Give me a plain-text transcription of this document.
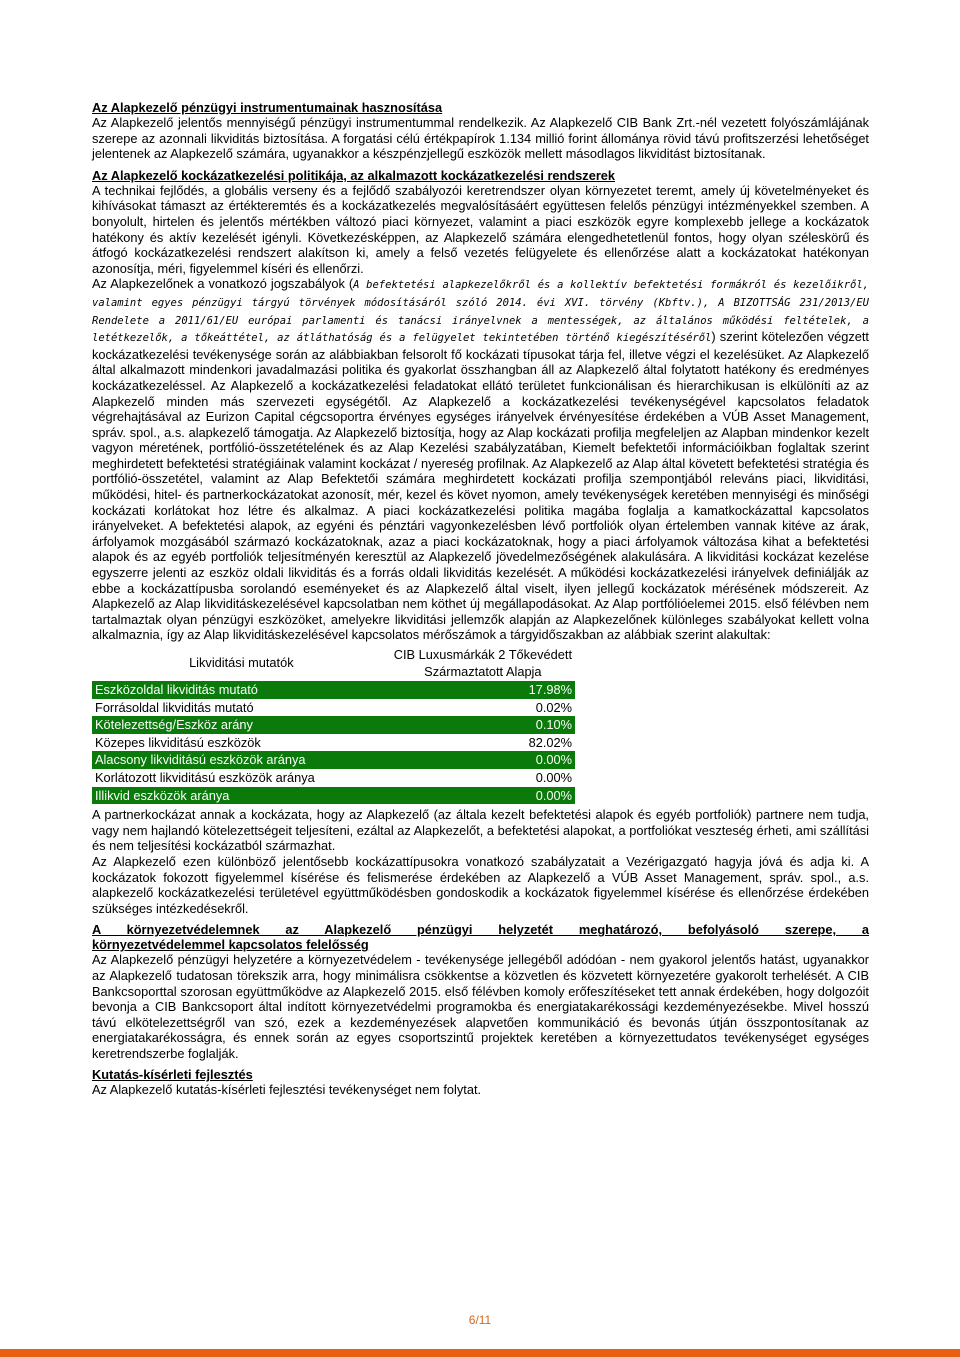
Az Alapkezelő pénzügyi instrumentumainak hasznosítása

Az Alapkezelő jelentős mennyiségű pénzügyi instrumentummal rendelkezik. Az Alapkezelő CIB Bank Zrt.-nél vezetett folyószámlájának szerepe az azonnali likviditás biztosítása. A forgatási célú értékpapírok 1.134 millió forint állománya rövid távú profitszerzési lehetőséget jelentenek az Alapkezelő számára, ugyanakkor a készpénzjellegű eszközök mellett másodlagos likviditást biztosítanak.

Az Alapkezelő kockázatkezelési politikája, az alkalmazott kockázatkezelési rendszerek

A technikai fejlődés, a globális verseny és a fejlődő szabályozói keretrendszer olyan környezetet teremt, amely új követelményeket és kihívásokat támaszt az értékteremtés és a kockázatkezelés megvalósításáért együttesen felelős pénzügyi intézményekkel szemben. A bonyolult, hirtelen és jelentős mértékben változó piaci környezet, valamint a piaci eszközök egyre komplexebb jellege a kockázatok hatékony és aktív kezelését igényli. Következésképpen, az Alapkezelő számára elengedhetetlenül fontos, hogy olyan széleskörű és átfogó kockázatkezelési rendszert alakítson ki, amely a felső vezetés felügyelete és ellenőrzése alatt a kockázatokat hatékonyan azonosítja, méri, figyelemmel kíséri és ellenőrzi.

Az Alapkezelőnek a vonatkozó jogszabályok (A befektetési alapkezelőkről és a kollektív befektetési formákról és kezelőikről, valamint egyes pénzügyi tárgyú törvények módosításáról szóló 2014. évi XVI. törvény (Kbftv.), A BIZOTTSÁG 231/2013/EU Rendelete a 2011/61/EU európai parlamenti és tanácsi irányelvnek a mentességek, az általános működési feltételek, a letétkezelők, a tőkeáttétel, az átláthatóság és a felügyelet tekintetében történő kiegészítéséről) szerint kötelezően végzett kockázatkezelési tevékenysége során az alábbiakban felsorolt fő kockázati típusokat tárja fel, illetve végzi el kezelésüket. Az Alapkezelő által alkalmazott mindenkori javadalmazási politika és gyakorlat összhangban áll az Alapkezelő által folytatott hatékony és eredményes kockázatkezeléssel. Az Alapkezelő a kockázatkezelési feladatokat ellátó területet funkcionálisan és hierarchikusan is elkülöníti az az Alapkezelő minden más szervezeti egységétől. Az Alapkezelő a kockázatkezelési tevékenységével kapcsolatos feladatok végrehajtásával az Eurizon Capital cégcsoportra érvényes egységes irányelvek érvényesítése érdekében a VÚB Asset Management, správ. spol., a.s. alapkezelő támogatja. Az Alapkezelő biztosítja, hogy az Alap kockázati profilja megfeleljen az Alapban mindenkor kezelt vagyon méretének, portfólió-összetételének és az Alap Kezelési szabályzatában, Kiemelt befektetői információikban foglaltak szerint meghirdetett befektetési stratégiáinak valamint kockázat / nyereség profilnak. Az Alapkezelő az Alap által követett befektetési stratégia és portfólió-összetétel, valamint az Alap Befektetői számára meghirdetett kockázati profilja szempontjából releváns piaci, likviditási, működési, hitel- és partnerkockázatokat azonosít, mér, kezel és követ nyomon, amely tevékenységek keretében mennyiségi és minőségi kockázati korlátokat hoz létre és alkalmaz. A piaci kockázatkezelési politika magába foglalja a kamatkockázattal kapcsolatos irányelveket. A befektetési alapok, az egyéni és pénztári vagyonkezelésben lévő portfoliók olyan értelemben vannak kitéve az árak, árfolyamok mozgásából származó kockázatoknak, azaz a piaci kockázatoknak, hogy a piaci árfolyamok változása kihat a befektetési alapok és az egyéb portfoliók teljesítményén keresztül az Alapkezelő jövedelmezőségének alakulására. A likviditási kockázat kezelése egyszerre jelenti az eszköz oldali likviditás és a forrás oldali likviditás kezelését. A működési kockázatkezelési irányelvek definiálják az ebbe a kockázattípusba sorolandó eseményeket és az Alapkezelő által viselt, ilyen jellegű kockázatok mérésének módszereit. Az Alapkezelő az Alap likviditáskezelésével kapcsolatban nem köthet új megállapodásokat. Az Alap portfólióelemei 2015. első félévben nem tartalmaztak olyan pénzügyi eszközöket, amelyekre likviditási jellemzők alapján az Alapkezelőnek különleges szabályokat kellett volna alkalmaznia, így az Alap likviditáskezelésével kapcsolatos mérőszámok a tárgyidőszakban az alábbiak szerint alakultak:

Likviditási mutatók	CIB Luxusmárkák 2 Tőkevédett
Származtatott Alapja

Eszközoldal likviditás mutató	17.98%
Forrásoldal likviditás mutató	0.02%
Kötelezettség/Eszköz arány	0.10%
Közepes likviditású eszközök	82.02%
Alacsony likviditású eszközök aránya	0.00%
Korlátozott likviditású eszközök aránya	0.00%
Illikvid eszközök aránya	0.00%

A partnerkockázat annak a kockázata, hogy az Alapkezelő (az általa kezelt befektetési alapok és egyéb portfoliók) partnere nem tudja, vagy nem hajlandó kötelezettségeit teljesíteni, ezáltal az Alapkezelőt, a befektetési alapokat, a portfoliókat veszteség érheti, ami szállítási és nem teljesítési kockázatból származhat.

Az Alapkezelő ezen különböző jelentősebb kockázattípusokra vonatkozó szabályzatait a Vezérigazgató hagyja jóvá és adja ki. A kockázatok fokozott figyelemmel kísérése és felismerése érdekében az Alapkezelő a VÚB Asset Management, správ. spol., a.s. alapkezelő kockázatkezelési területével együttműködésben gondoskodik a kockázatok figyelemmel kísérése és ellenőrzése érdekében szükséges intézkedésekről.

A környezetvédelemnek az Alapkezelő pénzügyi helyzetét meghatározó, befolyásoló szerepe, a
környezetvédelemmel kapcsolatos felelősség

Az Alapkezelő pénzügyi helyzetére a környezetvédelem - tevékenysége jellegéből adódóan - nem gyakorol jelentős hatást, ugyanakkor az Alapkezelő tudatosan törekszik arra, hogy minimálisra csökkentse a közvetlen és közvetett környezetére gyakorolt terhelését. A CIB Bankcsoporttal szorosan együttműködve az Alapkezelő 2015. első félévben komoly erőfeszítéseket tett annak érdekében, hogy dolgozóit bevonja a CIB Bankcsoport által indított környezetvédelmi programokba és energiatakarékossági kezdeményezésekbe. Mivel hosszú távú elkötelezettségről van szó, ezek a kezdeményezések alapvetően kommunikáció és bevonás útján összpontosítanak az energiatakarékosságra, és ennek során az egyes csoportszintű projektek keretében a környezettudatos tevékenységet egységes keretrendszerbe foglalják.

Kutatás-kísérleti fejlesztés

Az Alapkezelő kutatás-kísérleti fejlesztési tevékenységet nem folytat.

6/11
